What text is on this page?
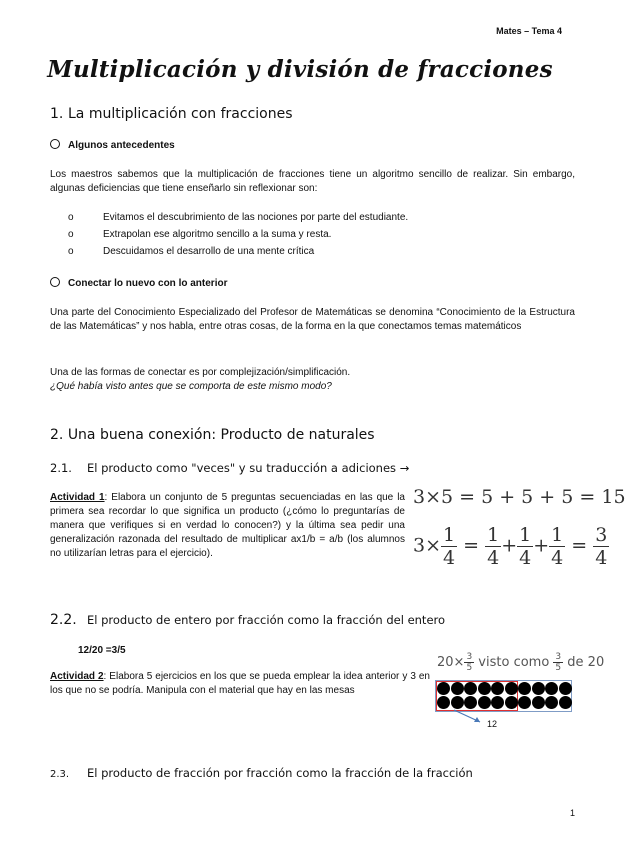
Mates – Tema 4
Multiplicación y división de fracciones
1. La multiplicación con fracciones
Algunos antecedentes
Los maestros sabemos que la multiplicación de fracciones tiene un algoritmo sencillo de realizar. Sin embargo, algunas deficiencias que tiene enseñarlo sin reflexionar son:
o	Evitamos el descubrimiento de las nociones por parte del estudiante.
o	Extrapolan ese algoritmo sencillo a la suma y resta.
o	Descuidamos el desarrollo de una mente crítica
Conectar lo nuevo con lo anterior
Una parte del Conocimiento Especializado del Profesor de Matemáticas se denomina “Conocimiento de la Estructura de las Matemáticas” y nos habla, entre otras cosas, de la forma en la que conectamos temas matemáticos
Una de las formas de conectar es por complejización/simplificación.
¿Qué había visto antes que se comporta de este mismo modo?
2. Una buena conexión: Producto de naturales
2.1. El producto como "veces" y su traducción a adiciones →
Actividad 1: Elabora un conjunto de 5 preguntas secuenciadas en las que la primera sea recordar lo que significa un producto (¿cómo lo preguntarías de manera que verifiques si en verdad lo conocen?) y la última sea pedir una generalización razonada del resultado de multiplicar ax1/b = a/b (los alumnos no utilizarían letras para el ejercicio).
3×5 = 5 + 5 + 5 = 15
$3\times \frac{1}{4} = \frac{1}{4} + \frac{1}{4} + \frac{1}{4} = \frac{3}{4}$
2.2. El producto de entero por fracción como la fracción del entero
12/20 =3/5
Actividad 2: Elabora 5 ejercicios en los que se pueda emplear la idea anterior y 3 en los que no se podría. Manipula con el material que hay en las mesas
$20\times \frac{3}{5}$ visto como $\frac{3}{5}$ de 20
12
2.3. El producto de fracción por fracción como la fracción de la fracción
1
